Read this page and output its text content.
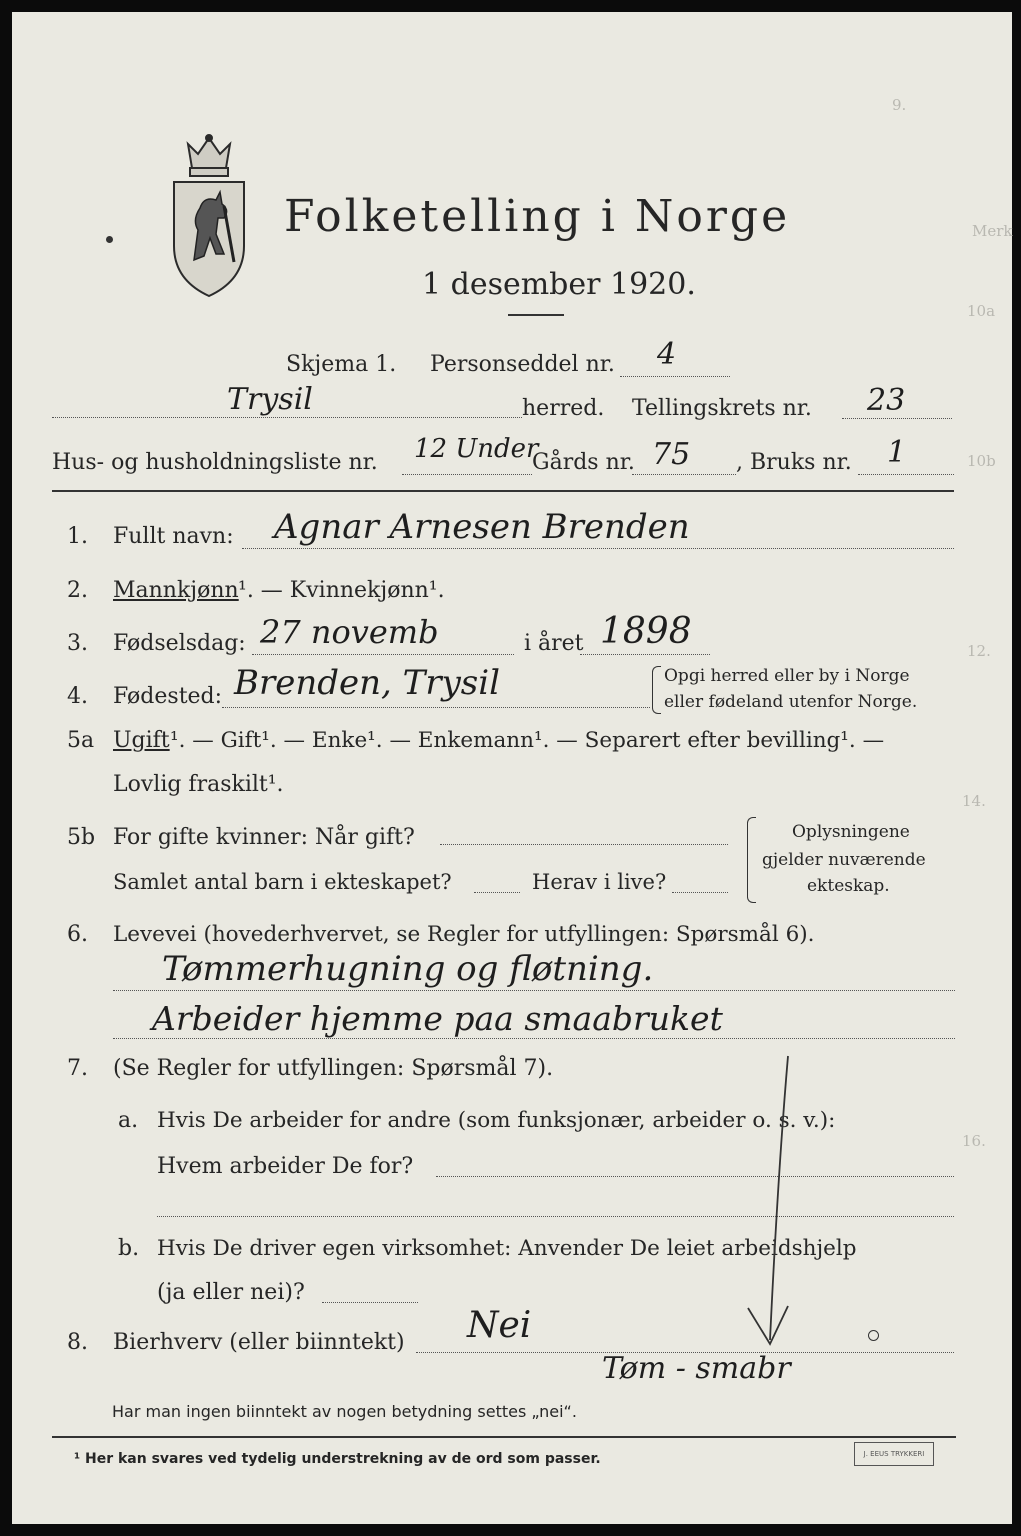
9.
Merk
10a
10b
12.
14.
16.
Folketelling i Norge
1 desember 1920.
Skjema 1. Personseddel nr. 4
Trysil	herred. Tellingskrets nr. 23
Hus- og husholdningsliste nr. 12 Under
Gårds nr. 75 , Bruks nr. 1
1. Fullt navn: Agnar Arnesen Brenden
2. Mannkjønn ¹. — Kvinnekjønn¹.
3. Fødselsdag: 27 novemb	i året 1898
4. Fødested: Brenden, Trysil	Opgi herred eller by i Norge
eller fødeland utenfor Norge.
5a Ugift ¹. — Gift¹. — Enke¹. — Enkemann¹. — Separert efter bevilling¹. —
Lovlig fraskilt¹.
5b For gifte kvinner: Når gift?
Samlet antal barn i ekteskapet?	Herav i live?
Oplysningene
gjelder nuværende
ekteskap.
6. Levevei (hovederhvervet, se Regler for utfyllingen: Spørsmål 6).
Tømmerhugning og fløtning.
Arbeider hjemme paa smaabruket
7. (Se Regler for utfyllingen: Spørsmål 7).
a. Hvis De arbeider for andre (som funksjonær, arbeider o. s. v.):
Hvem arbeider De for?
b. Hvis De driver egen virksomhet: Anvender De leiet arbeidshjelp
(ja eller nei)?
8. Bierhverv (eller biinntekt) Nei
Tøm - smabr
Har man ingen biinntekt av nogen betydning settes „nei“.
¹ Her kan svares ved tydelig understrekning av de ord som passer.	J. EEUS TRYKKERI
